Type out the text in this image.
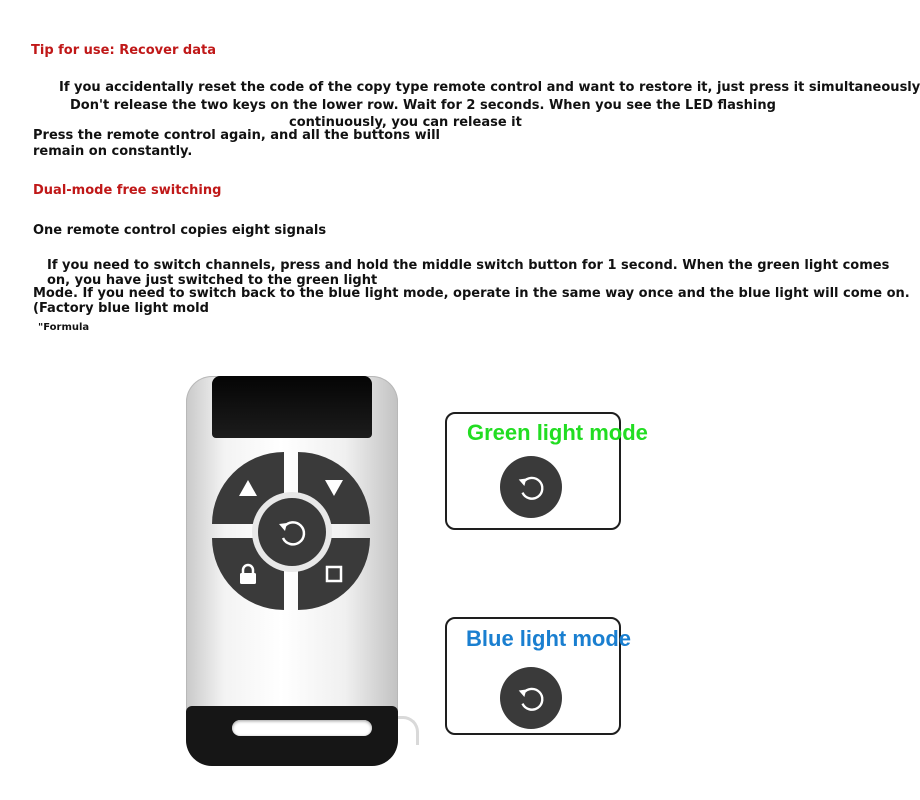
Tip for use: Recover data

If you accidentally reset the code of the copy type remote control and want to restore it, just press it simultaneously

Don't release the two keys on the lower row. Wait for 2 seconds. When you see the LED flashing

continuously, you can release it

Press the remote control again, and all the buttons will

remain on constantly.

Dual-mode free switching

One remote control copies eight signals

If you need to switch channels, press and hold the middle switch button for 1 second. When the green light comes

on, you have just switched to the green light

Mode. If you need to switch back to the blue light mode, operate in the same way once and the blue light will come on.

(Factory blue light mold

"Formula

Green light mode
Blue light mode
